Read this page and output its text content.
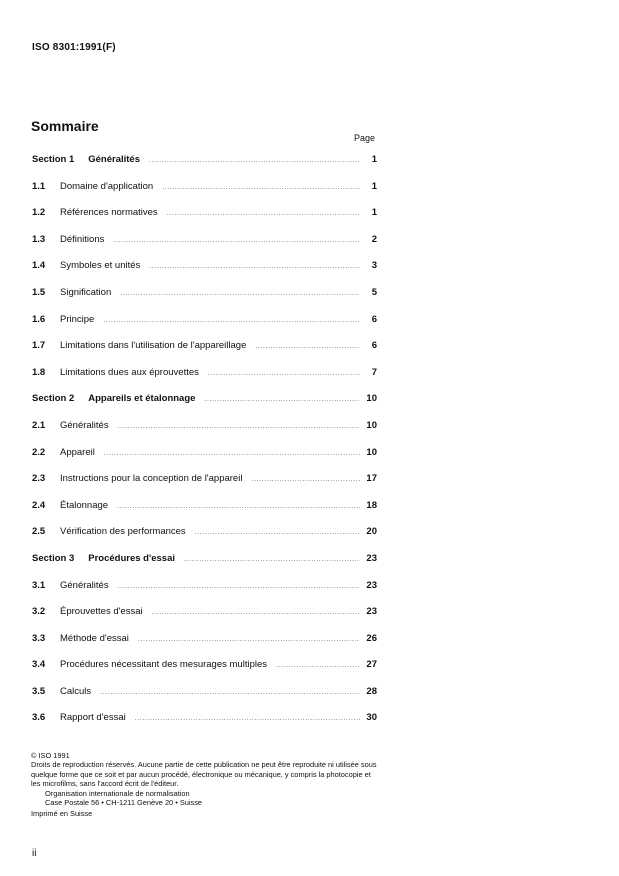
ISO 8301:1991(F)
Sommaire
Page
Section 1 Généralités .....	1
1.1	Domaine d'application .....	1
1.2	Références normatives .....	1
1.3	Définitions .....	2
1.4	Symboles et unités .....	3
1.5	Signification .....	5
1.6	Principe .....	6
1.7	Limitations dans l'utilisation de l'appareillage .....	6
1.8	Limitations dues aux éprouvettes .....	7
Section 2 Appareils et étalonnage .....	10
2.1	Généralités .....	10
2.2	Appareil .....	10
2.3	Instructions pour la conception de l'appareil .....	17
2.4	Étalonnage .....	18
2.5	Vérification des performances .....	20
Section 3 Procédures d'essai .....	23
3.1	Généralités .....	23
3.2	Éprouvettes d'essai .....	23
3.3	Méthode d'essai .....	26
3.4	Procédures nécessitant des mesurages multiples .....	27
3.5	Calculs .....	28
3.6	Rapport d'essai .....	30

© ISO 1991

Droits de reproduction réservés. Aucune partie de cette publication ne peut être reproduite ni utilisée sous quelque forme que ce soit et par aucun procédé, électronique ou mécanique, y compris la photocopie et les microfilms, sans l'accord écrit de l'éditeur.

Organisation internationale de normalisation

Case Postale 56 • CH-1211 Genève 20 • Suisse

Imprimé en Suisse

ii
